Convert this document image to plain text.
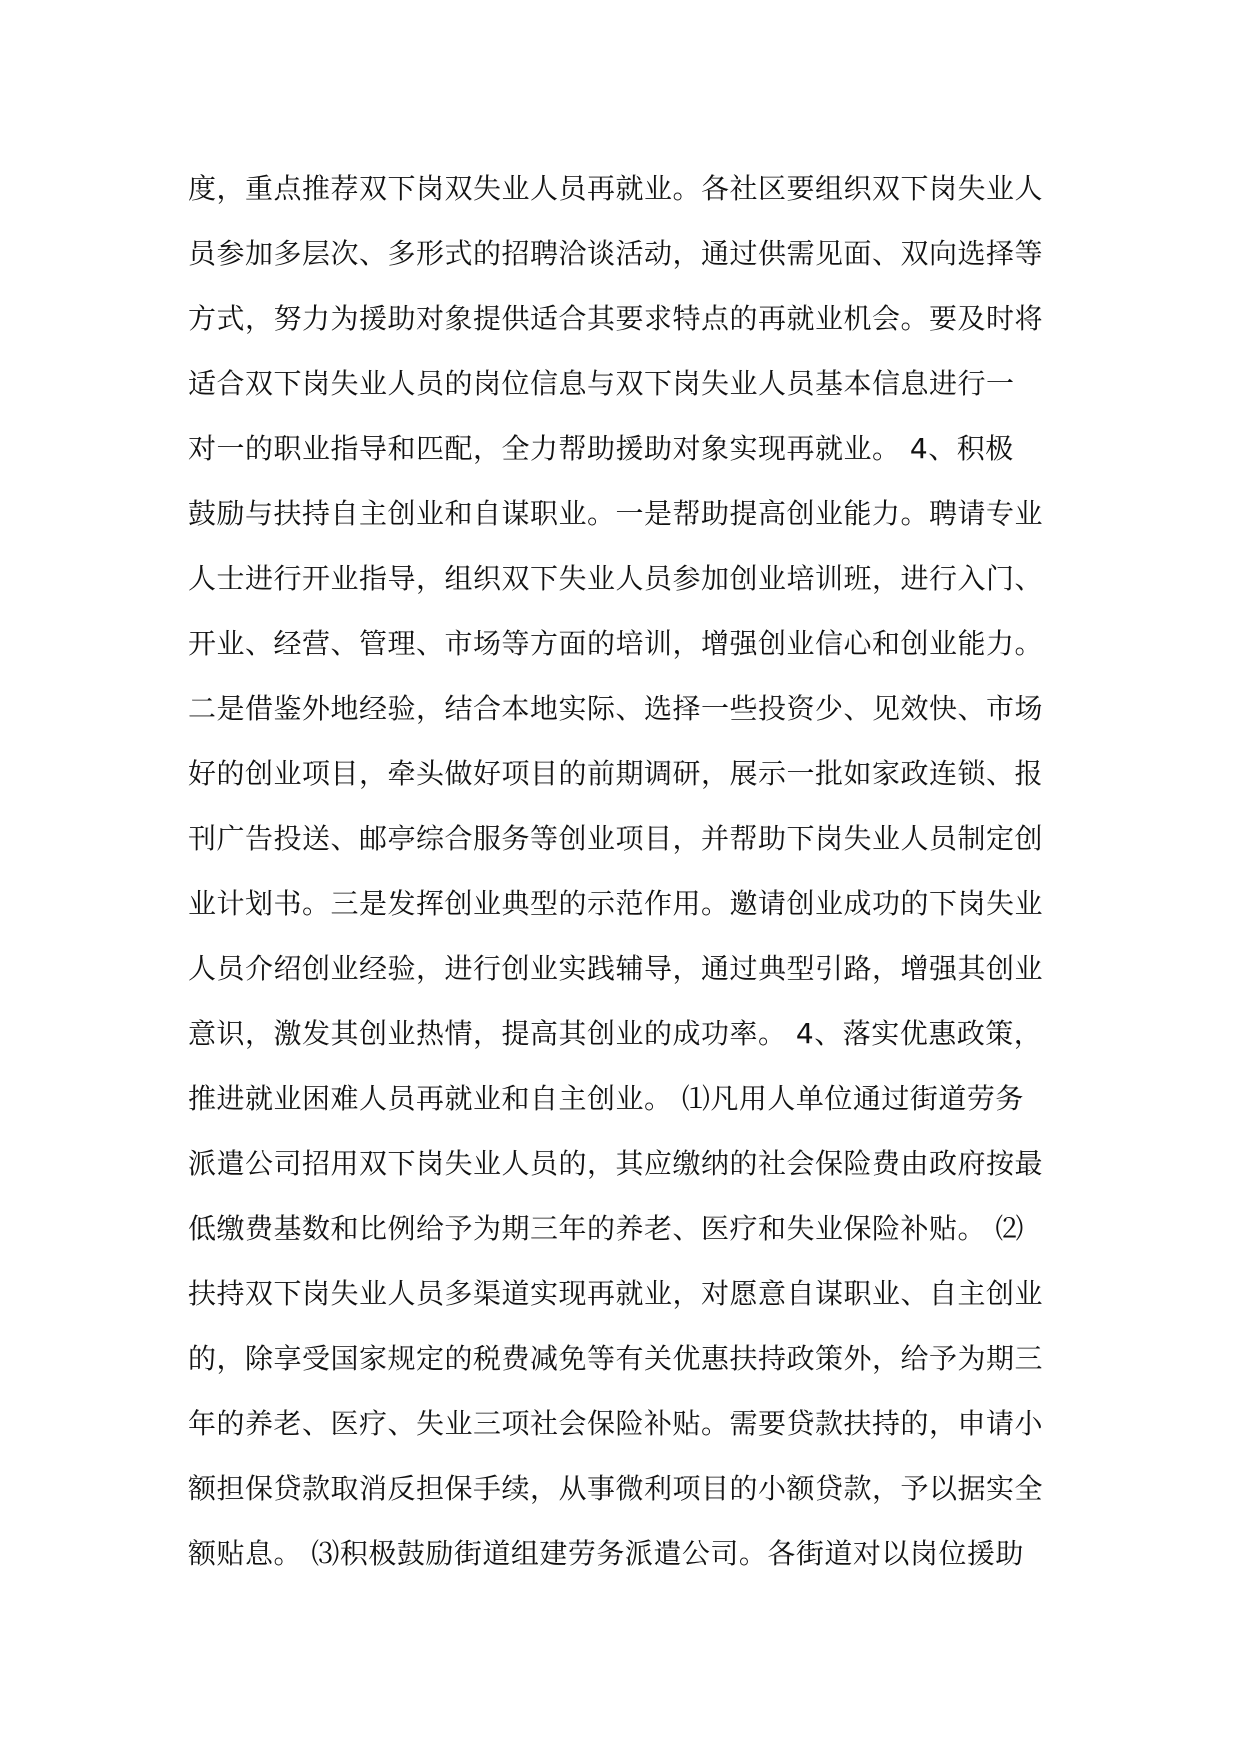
度，重点推荐双下岗双失业人员再就业。各社区要组织双下岗失业人
员参加多层次、多形式的招聘洽谈活动，通过供需见面、双向选择等
方式，努力为援助对象提供适合其要求特点的再就业机会。要及时将
适合双下岗失业人员的岗位信息与双下岗失业人员基本信息进行一
对一的职业指导和匹配，全力帮助援助对象实现再就业。 4、积极
鼓励与扶持自主创业和自谋职业。一是帮助提高创业能力。聘请专业
人士进行开业指导，组织双下失业人员参加创业培训班，进行入门、
开业、经营、管理、市场等方面的培训，增强创业信心和创业能力。
二是借鉴外地经验，结合本地实际、选择一些投资少、见效快、市场
好的创业项目，牵头做好项目的前期调研，展示一批如家政连锁、报
刊广告投送、邮亭综合服务等创业项目，并帮助下岗失业人员制定创
业计划书。三是发挥创业典型的示范作用。邀请创业成功的下岗失业
人员介绍创业经验，进行创业实践辅导，通过典型引路，增强其创业
意识，激发其创业热情，提高其创业的成功率。 4、落实优惠政策，
推进就业困难人员再就业和自主创业。 ⑴凡用人单位通过街道劳务
派遣公司招用双下岗失业人员的，其应缴纳的社会保险费由政府按最
低缴费基数和比例给予为期三年的养老、医疗和失业保险补贴。 ⑵
扶持双下岗失业人员多渠道实现再就业，对愿意自谋职业、自主创业
的，除享受国家规定的税费减免等有关优惠扶持政策外，给予为期三
年的养老、医疗、失业三项社会保险补贴。需要贷款扶持的，申请小
额担保贷款取消反担保手续，从事微利项目的小额贷款，予以据实全
额贴息。 ⑶积极鼓励街道组建劳务派遣公司。各街道对以岗位援助
